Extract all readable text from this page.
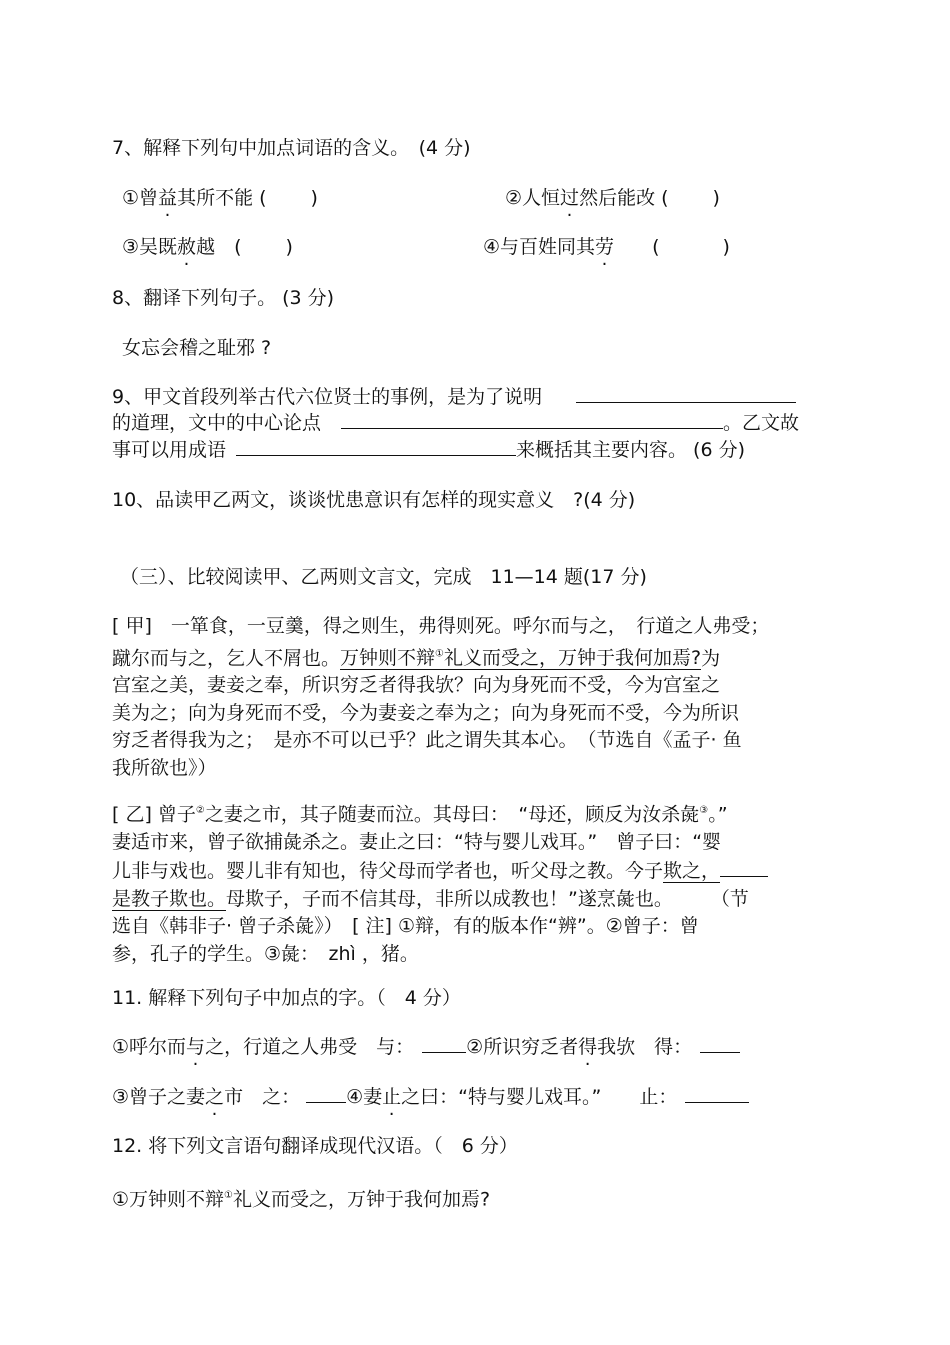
7、解释下列句中加点词语的含义。　(4 分)
①曾益其所不能 (　　 )	②人恒过然后能改 (　　 )
③吴既赦越　(　　 )	④与百姓同其劳　　(　　　 )
8、翻译下列句子。 (3 分)
女忘会稽之耻邪 ?
9、甲文首段列举古代六位贤士的事例，是为了说明
的道理，文中的中心论点	。乙文故
事可以用成语	来概括其主要内容。 (6 分)
10、品读甲乙两文，谈谈忧患意识有怎样的现实意义　?(4 分)
（三）、比较阅读甲、乙两则文言文，完成　11—14 题(17 分)
[ 甲]　一箪食，一豆羹，得之则生，弗得则死。呼尔而与之，　行道之人弗受；
蹴尔而与之，乞人不屑也。万钟则不辩①礼义而受之，万钟于我何加焉?为
宫室之美，妻妾之奉，所识穷乏者得我欤？向为身死而不受，今为宫室之
美为之；向为身死而不受，今为妻妾之奉为之；向为身死而不受，今为所识
穷乏者得我为之；　是亦不可以已乎？此之谓失其本心。　（节选自《孟子· 鱼
我所欲也》）
[ 乙] 曾子②之妻之市，其子随妻而泣。其母曰：　“母还，顾反为汝杀彘③。”
妻适市来，曾子欲捕彘杀之。妻止之曰：“特与婴儿戏耳。”　曾子曰：“婴
儿非与戏也。婴儿非有知也，待父母而学者也，听父母之教。今子欺之，
是教子欺也。母欺子，子而不信其母，非所以成教也！”遂烹彘也。　　　（节
选自《韩非子· 曾子杀彘》）　[ 注] ①辩，有的版本作“辨”。②曾子：曾
参，孔子的学生。③彘：　zhì ，猪。
11. 解释下列句子中加点的字。（　4 分）
①呼尔而与之，行道之人弗受　与：	②所识穷乏者得我欤　得：
③曾子之妻之市　之： ④妻止之曰：“特与婴儿戏耳。”　　止：
12. 将下列文言语句翻译成现代汉语。（　6 分）
①万钟则不辩①礼义而受之，万钟于我何加焉?
